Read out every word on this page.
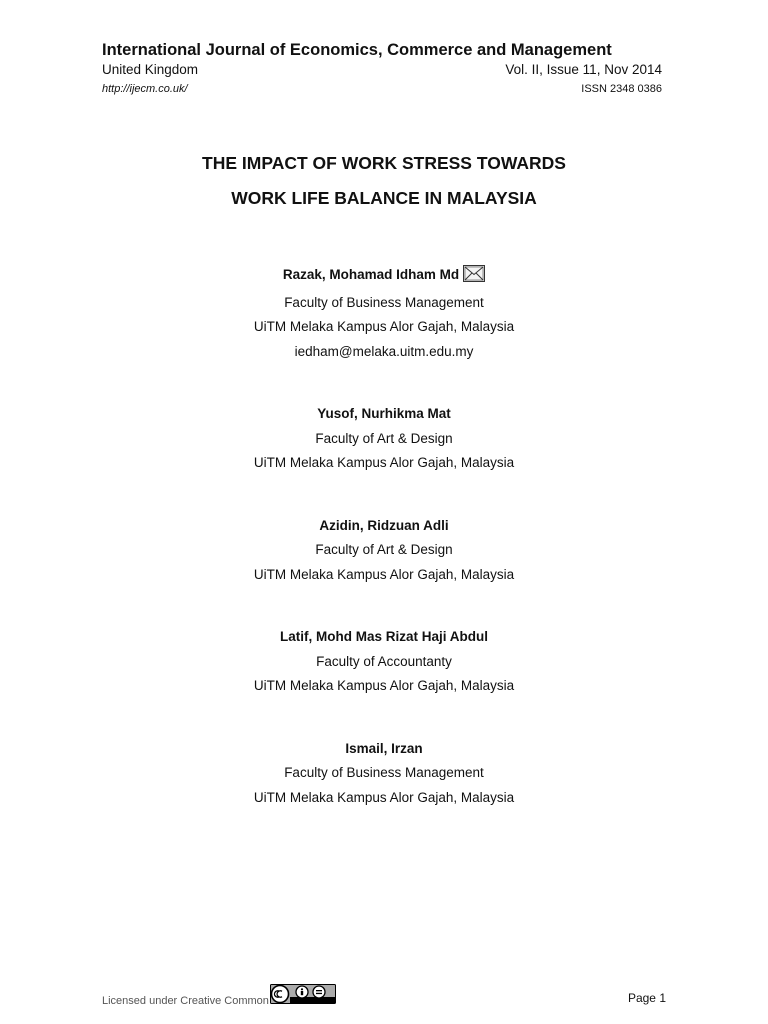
International Journal of Economics, Commerce and Management
United Kingdom	Vol. II, Issue 11, Nov 2014
http://ijecm.co.uk/	ISSN 2348 0386
THE IMPACT OF WORK STRESS TOWARDS
WORK LIFE BALANCE IN MALAYSIA
Razak, Mohamad Idham Md
Faculty of Business Management
UiTM Melaka Kampus Alor Gajah, Malaysia
iedham@melaka.uitm.edu.my
Yusof, Nurhikma Mat
Faculty of Art & Design
UiTM Melaka Kampus Alor Gajah, Malaysia
Azidin, Ridzuan Adli
Faculty of Art & Design
UiTM Melaka Kampus Alor Gajah, Malaysia
Latif, Mohd Mas Rizat Haji Abdul
Faculty of Accountanty
UiTM Melaka Kampus Alor Gajah, Malaysia
Ismail, Irzan
Faculty of Business Management
UiTM Melaka Kampus Alor Gajah, Malaysia
Licensed under Creative Common	Page 1
